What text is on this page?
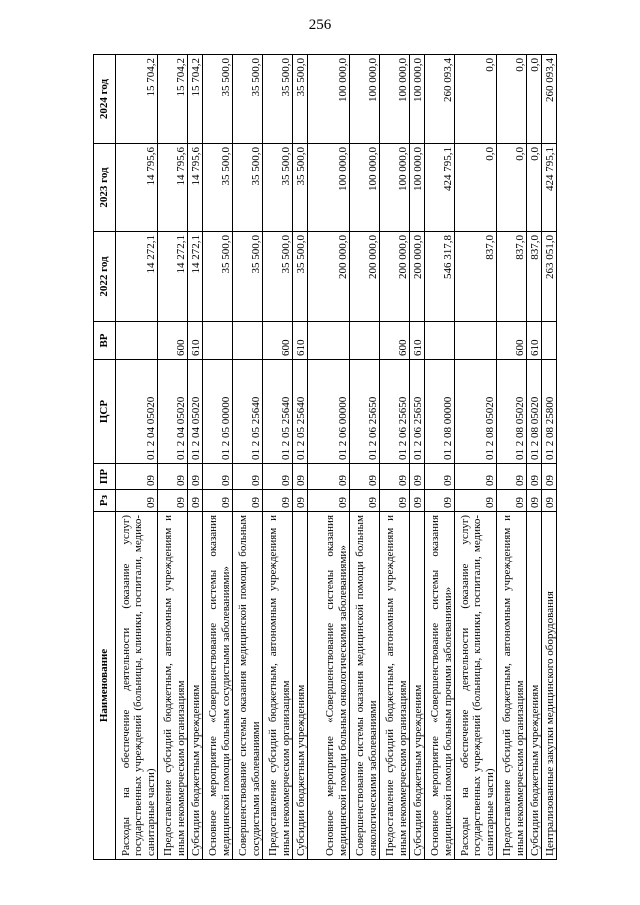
256
Наименование	Рз	ПР	ЦСР	ВР	2022 год	2023 год	2024 год
Расходы на обеспечение деятельности (оказание услуг) государственных учреждений (больницы, клиники, госпитали, медико-санитарные части)	09	09	01 2 04 05020		14 272,1	14 795,6	15 704,2
Предоставление субсидий бюджетным, автономным учреждениям и иным некоммерческим организациям	09	09	01 2 04 05020	600	14 272,1	14 795,6	15 704,2
Субсидии бюджетным учреждениям	09	09	01 2 04 05020	610	14 272,1	14 795,6	15 704,2
Основное мероприятие «Совершенствование системы оказания медицинской помощи больным сосудистыми заболеваниями»	09	09	01 2 05 00000		35 500,0	35 500,0	35 500,0
Совершенствование системы оказания медицинской помощи больным сосудистыми заболеваниями	09	09	01 2 05 25640		35 500,0	35 500,0	35 500,0
Предоставление субсидий бюджетным, автономным учреждениям и иным некоммерческим организациям	09	09	01 2 05 25640	600	35 500,0	35 500,0	35 500,0
Субсидии бюджетным учреждениям	09	09	01 2 05 25640	610	35 500,0	35 500,0	35 500,0
Основное мероприятие «Совершенствование системы оказания медицинской помощи больным онкологическими заболеваниями»	09	09	01 2 06 00000		200 000,0	100 000,0	100 000,0
Совершенствование системы оказания медицинской помощи больным онкологическими заболеваниями	09	09	01 2 06 25650		200 000,0	100 000,0	100 000,0
Предоставление субсидий бюджетным, автономным учреждениям и иным некоммерческим организациям	09	09	01 2 06 25650	600	200 000,0	100 000,0	100 000,0
Субсидии бюджетным учреждениям	09	09	01 2 06 25650	610	200 000,0	100 000,0	100 000,0
Основное мероприятие «Совершенствование системы оказания медицинской помощи больным прочими заболеваниями»	09	09	01 2 08 00000		546 317,8	424 795,1	260 093,4
Расходы на обеспечение деятельности (оказание услуг) государственных учреждений (больницы, клиники, госпитали, медико-санитарные части)	09	09	01 2 08 05020		837,0	0,0	0,0
Предоставление субсидий бюджетным, автономным учреждениям и иным некоммерческим организациям	09	09	01 2 08 05020	600	837,0	0,0	0,0
Субсидии бюджетным учреждениям	09	09	01 2 08 05020	610	837,0	0,0	0,0
Централизованные закупки медицинского оборудования	09	09	01 2 08 25800		263 051,0	424 795,1	260 093,4
